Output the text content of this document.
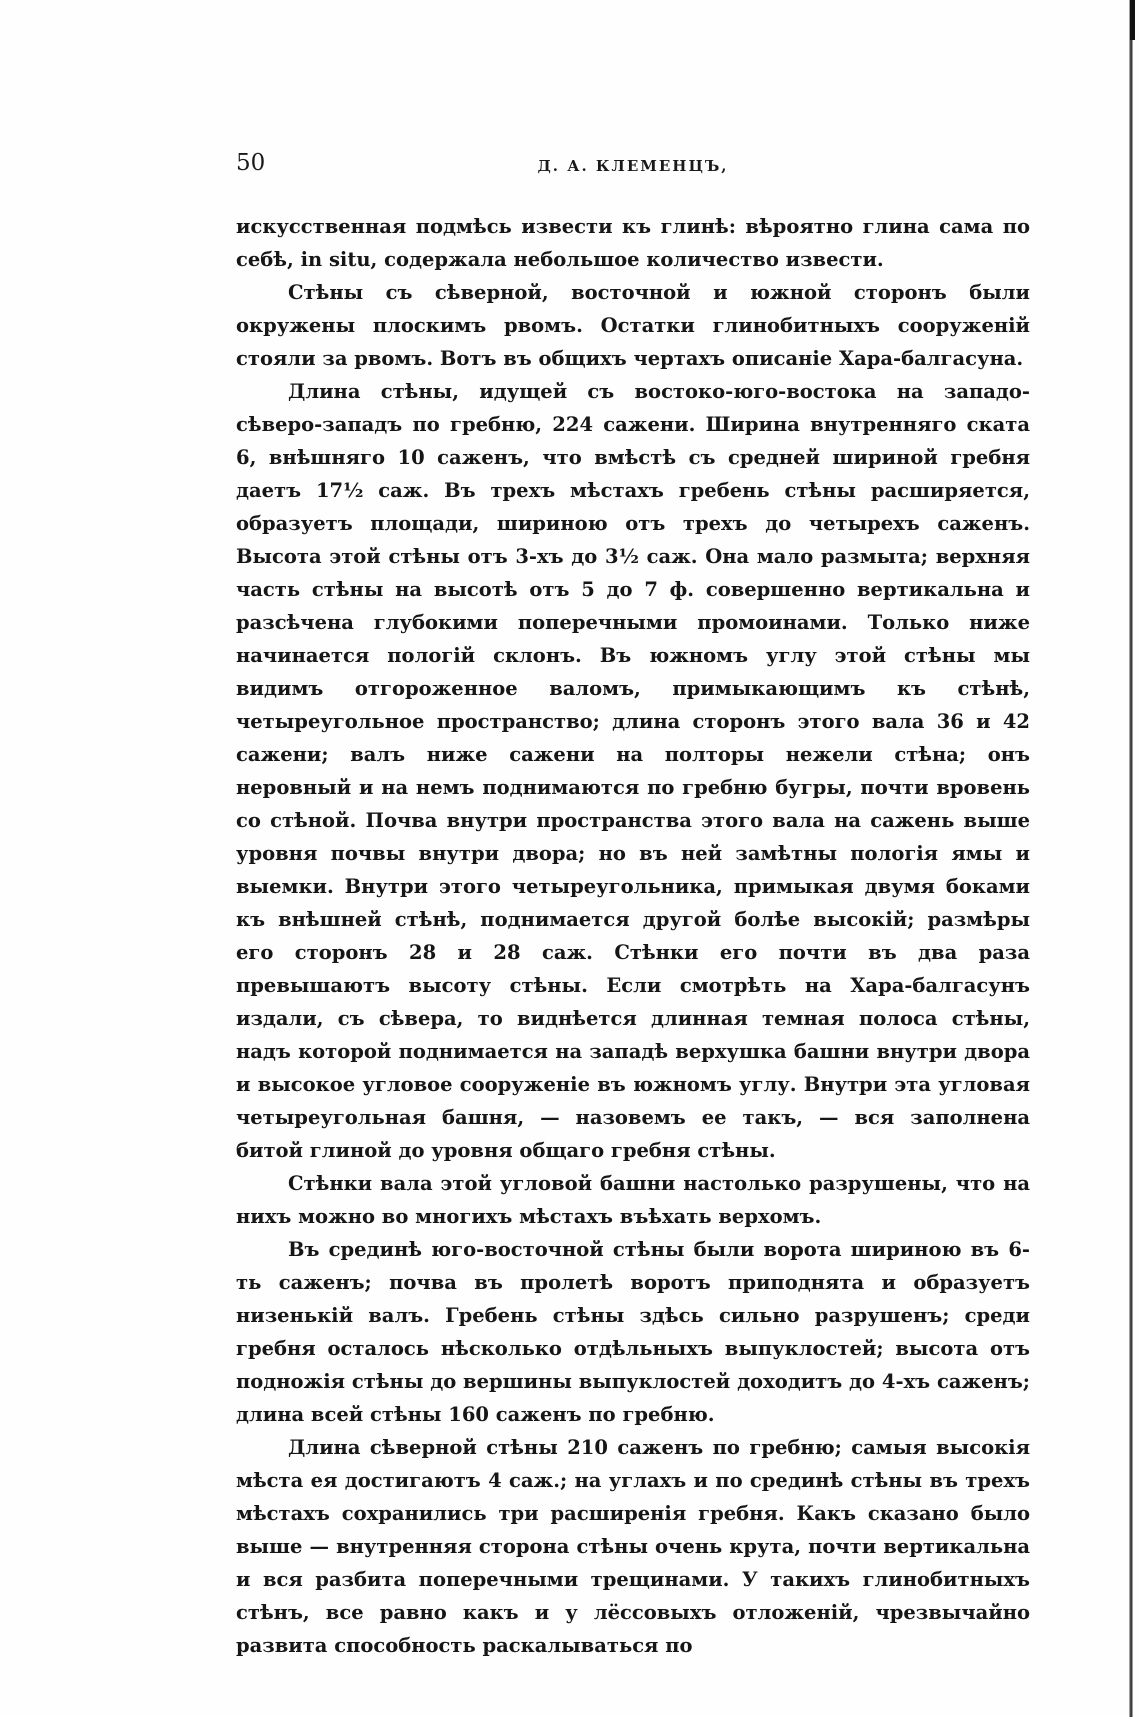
50	Д. А. КЛЕМЕНЦЪ,

искусственная подмѣсь извести къ глинѣ: вѣроятно глина сама по себѣ, in situ, содержала небольшое количество извести.

Стѣны съ сѣверной, восточной и южной сторонъ были окружены плоскимъ рвомъ. Остатки глинобитныхъ сооруженій стояли за рвомъ. Вотъ въ общихъ чертахъ описаніе Хара-балгасуна.

Длина стѣны, идущей съ востоко-юго-востока на западо-сѣверо-западъ по гребню, 224 сажени. Ширина внутренняго ската 6, внѣшняго 10 саженъ, что вмѣстѣ съ средней шириной гребня даетъ 17½ саж. Въ трехъ мѣстахъ гребень стѣны расширяется, образуетъ площади, шириною отъ трехъ до четырехъ саженъ. Высота этой стѣны отъ 3-хъ до 3½ саж. Она мало размыта; верхняя часть стѣны на высотѣ отъ 5 до 7 ф. совершенно вертикальна и разсѣчена глубокими поперечными промоинами. Только ниже начинается пологій склонъ. Въ южномъ углу этой стѣны мы видимъ отгороженное валомъ, примыкающимъ къ стѣнѣ, четыреугольное пространство; длина сторонъ этого вала 36 и 42 сажени; валъ ниже сажени на полторы нежели стѣна; онъ неровный и на немъ поднимаются по гребню бугры, почти вровень со стѣной. Почва внутри пространства этого вала на сажень выше уровня почвы внутри двора; но въ ней замѣтны пологія ямы и выемки. Внутри этого четыреугольника, примыкая двумя боками къ внѣшней стѣнѣ, поднимается другой болѣе высокій; размѣры его сторонъ 28 и 28 саж. Стѣнки его почти въ два раза превышаютъ высоту стѣны. Если смотрѣть на Хара-балгасунъ издали, съ сѣвера, то виднѣется длинная темная полоса стѣны, надъ которой поднимается на западѣ верхушка башни внутри двора и высокое угловое сооруженіе въ южномъ углу. Внутри эта угловая четыреугольная башня, — назовемъ ее такъ, — вся заполнена битой глиной до уровня общаго гребня стѣны.

Стѣнки вала этой угловой башни настолько разрушены, что на нихъ можно во многихъ мѣстахъ въѣхать верхомъ.

Въ срединѣ юго-восточной стѣны были ворота шириною въ 6-ть саженъ; почва въ пролетѣ воротъ приподнята и образуетъ низенькій валъ. Гребень стѣны здѣсь сильно разрушенъ; среди гребня осталось нѣсколько отдѣльныхъ выпуклостей; высота отъ подножія стѣны до вершины выпуклостей доходитъ до 4-хъ саженъ; длина всей стѣны 160 саженъ по гребню.

Длина сѣверной стѣны 210 саженъ по гребню; самыя высокія мѣста ея достигаютъ 4 саж.; на углахъ и по срединѣ стѣны въ трехъ мѣстахъ сохранились три расширенія гребня. Какъ сказано было выше — внутренняя сторона стѣны очень крута, почти вертикальна и вся разбита поперечными трещинами. У такихъ глинобитныхъ стѣнъ, все равно какъ и у лёссовыхъ отложеній, чрезвычайно развита способность раскалываться по
